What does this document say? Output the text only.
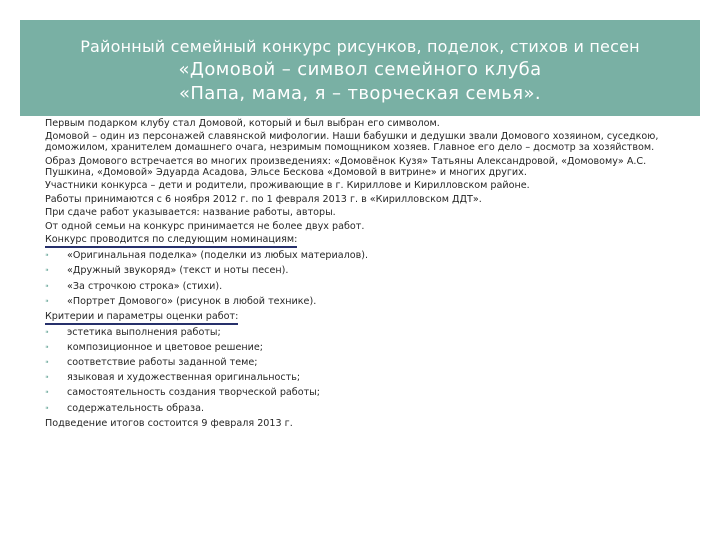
Районный семейный конкурс рисунков, поделок, стихов и песен
«Домовой – символ семейного клуба
«Папа, мама, я – творческая семья».

Первым подарком клубу стал Домовой, который и был выбран его символом.

Домовой – один из персонажей славянской мифологии. Наши бабушки и дедушки звали Домового хозяином, суседкою, доможилом, хранителем домашнего очага, незримым помощником хозяев. Главное его дело – досмотр за хозяйством.

Образ Домового встречается во многих произведениях: «Домовёнок Кузя» Татьяны Александровой, «Домовому» А.С. Пушкина, «Домовой» Эдуарда Асадова, Эльсе Бескова «Домовой в витрине» и многих других.

Участники конкурса – дети и родители, проживающие в г. Кириллове и Кирилловском районе.

Работы принимаются с 6 ноября 2012 г. по 1 февраля 2013 г. в «Кирилловском ДДТ».

При сдаче работ указывается: название работы, авторы.

От одной семьи на конкурс принимается не более двух работ.

Конкурс проводится по следующим номинациям:

⁍ «Оригинальная поделка» (поделки из любых материалов).
⁍ «Дружный звукоряд» (текст и ноты песен).
⁍ «За строчкою строка» (стихи).
⁍ «Портрет Домового» (рисунок в любой технике).

Критерии и параметры оценки работ:

⁍ эстетика выполнения работы;
⁍ композиционное и цветовое решение;
⁍ соответствие работы заданной теме;
⁍ языковая и художественная оригинальность;
⁍ самостоятельность создания творческой работы;
⁍ содержательность образа.

Подведение итогов состоится 9 февраля 2013 г.
